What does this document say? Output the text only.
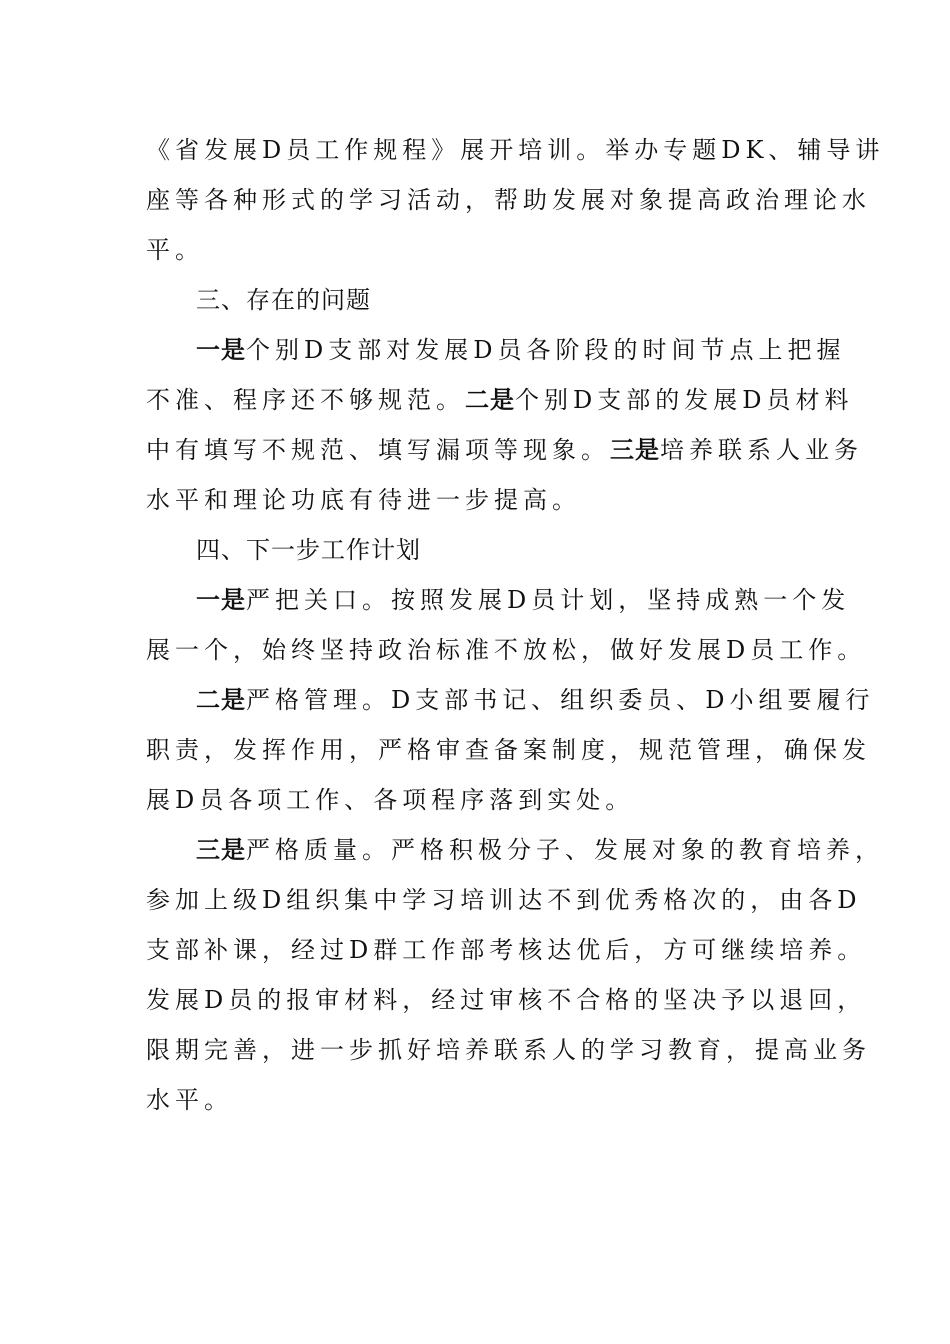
《省发展D员工作规程》展开培训。举办专题DK、辅导讲
座等各种形式的学习活动，帮助发展对象提高政治理论水
平。
三、存在的问题
一是个别D支部对发展D员各阶段的时间节点上把握
不准、程序还不够规范。二是个别D支部的发展D员材料
中有填写不规范、填写漏项等现象。三是培养联系人业务
水平和理论功底有待进一步提高。
四、下一步工作计划
一是严把关口。按照发展D员计划，坚持成熟一个发
展一个，始终坚持政治标准不放松，做好发展D员工作。
二是严格管理。D支部书记、组织委员、D小组要履行
职责，发挥作用，严格审查备案制度，规范管理，确保发
展D员各项工作、各项程序落到实处。
三是严格质量。严格积极分子、发展对象的教育培养，
参加上级D组织集中学习培训达不到优秀格次的，由各D
支部补课，经过D群工作部考核达优后，方可继续培养。
发展D员的报审材料，经过审核不合格的坚决予以退回，
限期完善，进一步抓好培养联系人的学习教育，提高业务
水平。
